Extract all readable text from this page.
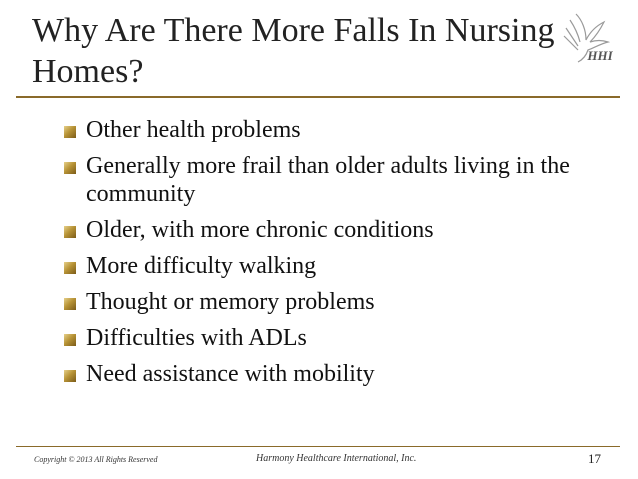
Why Are There More Falls In Nursing Homes?	HHI
Other health problems
Generally more frail than older adults living in the community
Older, with more chronic conditions
More difficulty walking
Thought or memory problems
Difficulties with ADLs
Need assistance with mobility
Copyright © 2013 All Rights Reserved	Harmony Healthcare International, Inc.	17
